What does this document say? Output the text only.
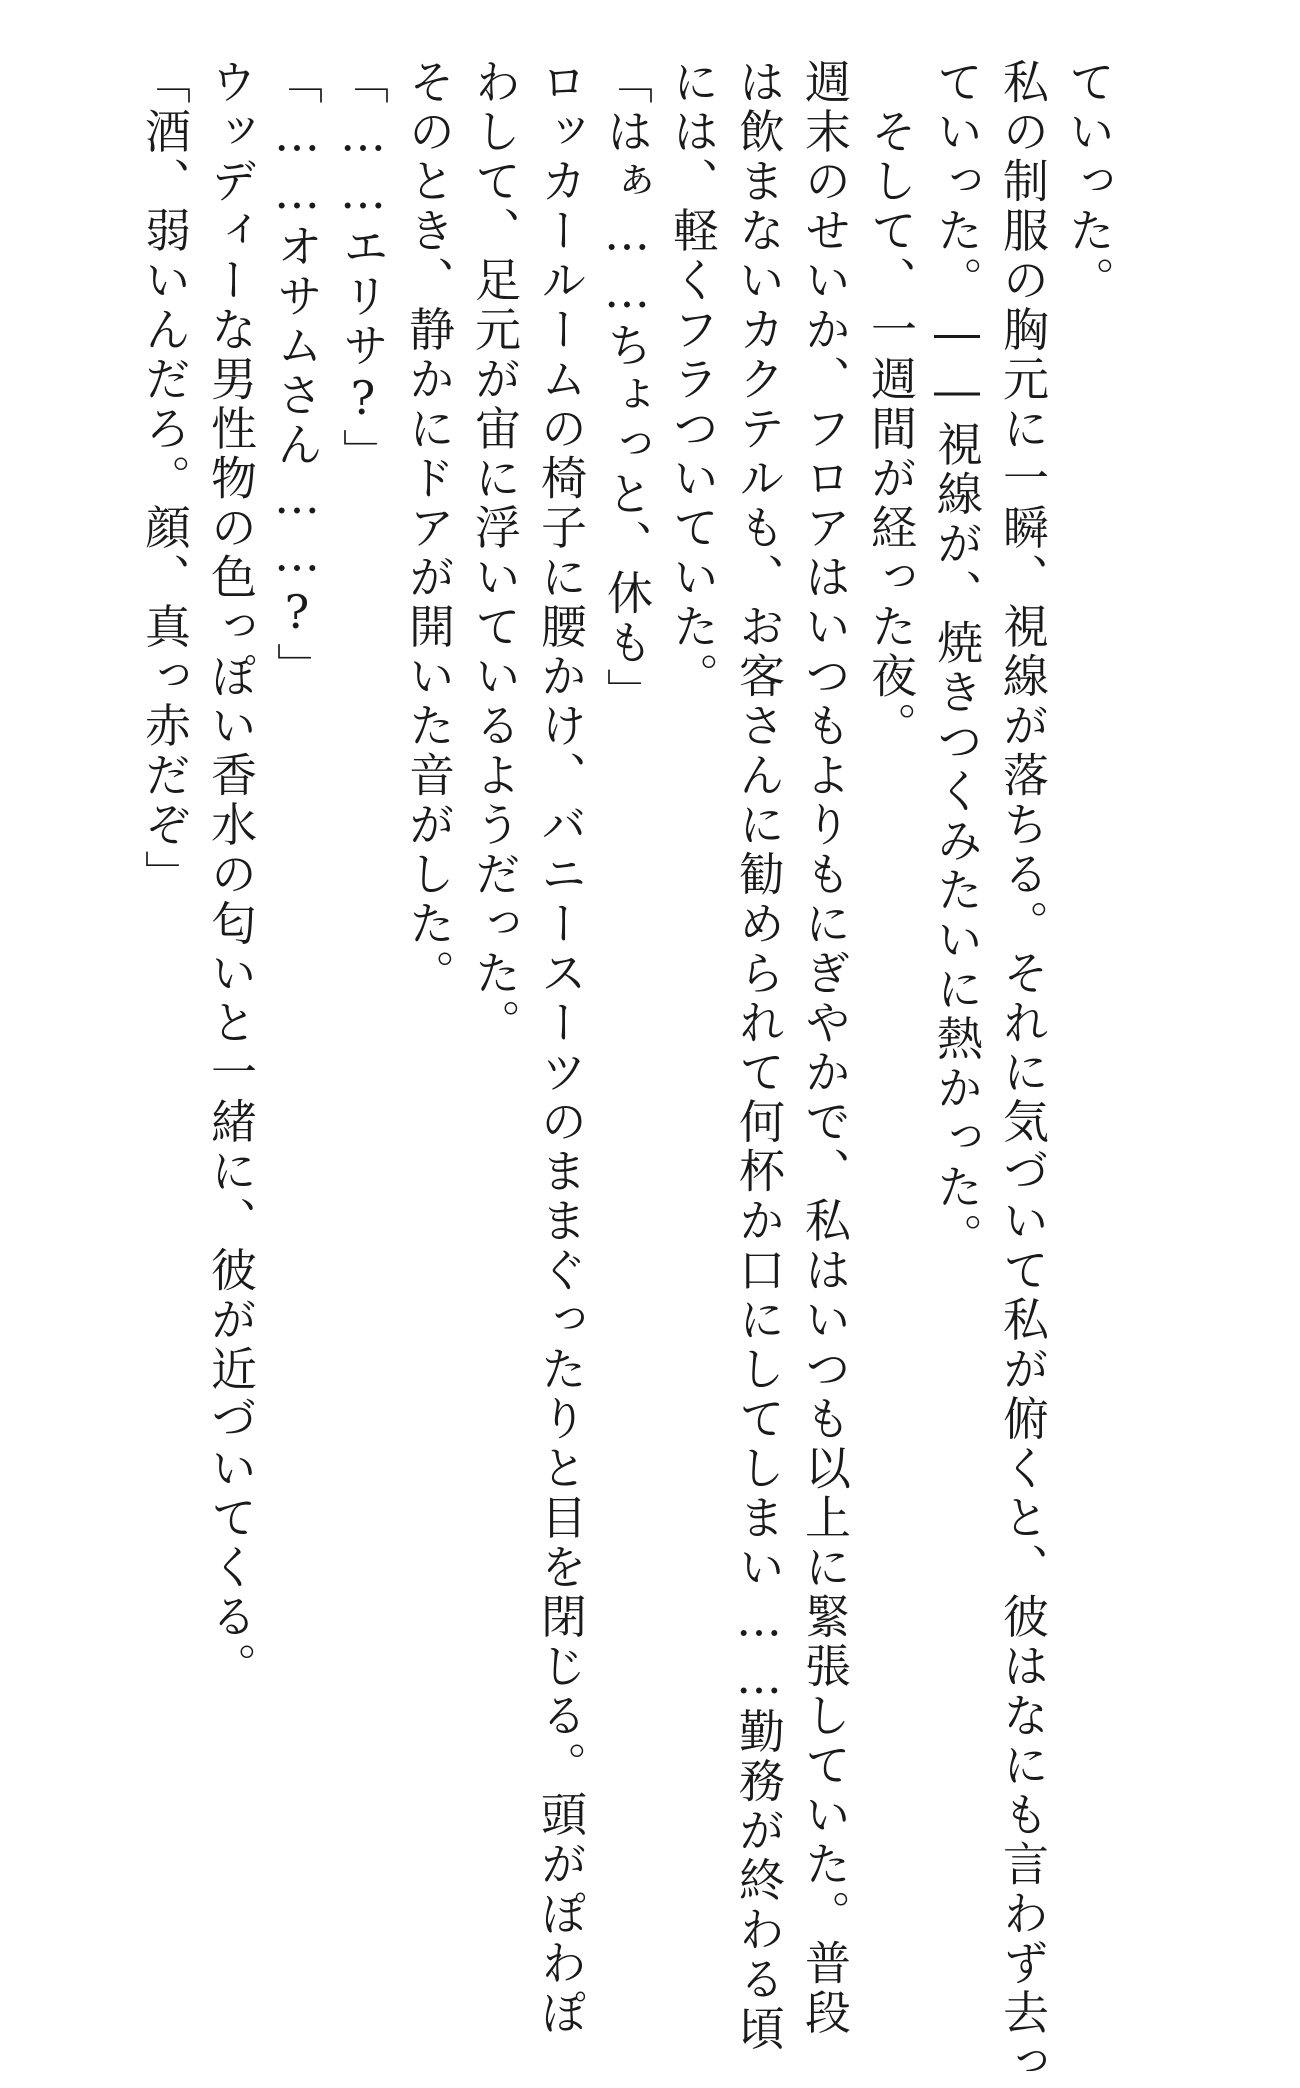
ていった。
私の制服の胸元に一瞬、視線が落ちる。それに気づいて私が俯くと、彼はなにも言わず去っ
ていった。――視線が、焼きつくみたいに熱かった。
　そして、一週間が経った夜。
週末のせいか、フロアはいつもよりもにぎやかで、私はいつも以上に緊張していた。普段
は飲まないカクテルも、お客さんに勧められて何杯か口にしてしまい……勤務が終わる頃
には、軽くフラついていた。
「はぁ……ちょっと、休も」
ロッカールームの椅子に腰かけ、バニースーツのままぐったりと目を閉じる。頭がぽわぽ
わして、足元が宙に浮いているようだった。
そのとき、静かにドアが開いた音がした。
「……エリサ?」
「……オサムさん……?」
ウッディーな男性物の色っぽい香水の匂いと一緒に、彼が近づいてくる。
「酒、弱いんだろ。顔、真っ赤だぞ」
